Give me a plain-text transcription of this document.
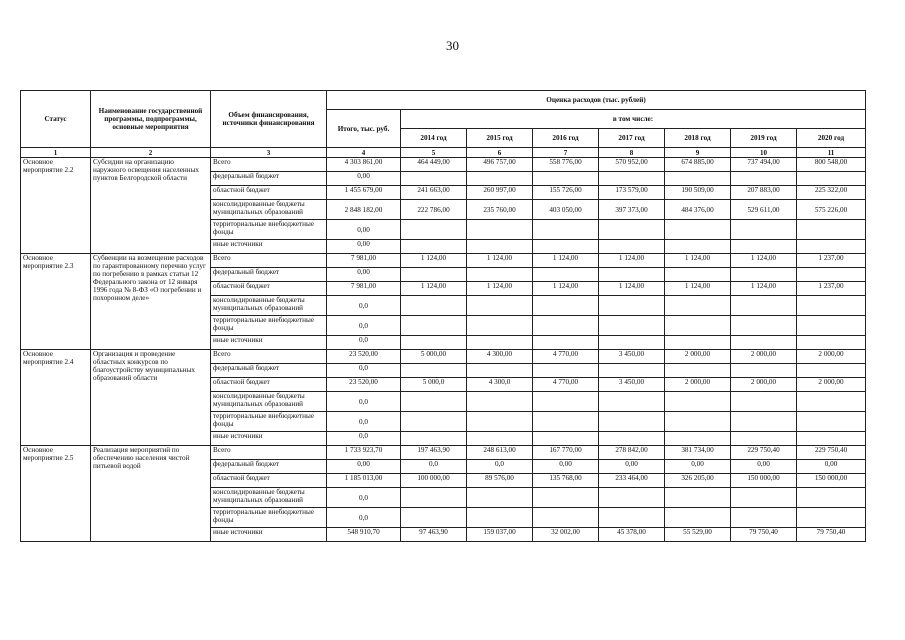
30
Статус	Наименование государственной программы, подпрограммы, основные мероприятия	Объем финансирования, источники финансирования	Оценка расходов (тыс. рублей)							
			Итого, тыс. руб.	в том числе:						
				2014 год	2015 год	2016 год	2017 год	2018 год	2019 год	2020 год
1	2	3	4	5	6	7	8	9	10	11
Основное мероприятие 2.2	Субсидии на организацию наружного освещения населенных пунктов Белгородской области	Всего	4 303 861,00	464 449,00	496 757,00	558 776,00	570 952,00	674 885,00	737 494,00	800 548,00
		федеральный бюджет	0,00							
		областной бюджет	1 455 679,00	241 663,00	260 997,00	155 726,00	173 579,00	190 509,00	207 883,00	225 322,00
		консолидированные бюджеты муниципальных образований	2 848 182,00	222 786,00	235 760,00	403 050,00	397 373,00	484 376,00	529 611,00	575 226,00
		территориальные внебюджетные фонды	0,00							
		иные источники	0,00							
Основное мероприятие 2.3	Субвенции на возмещение расходов по гарантированному перечню услуг по погребению в рамках статьи 12 Федерального закона от 12 января 1996 года № 8-ФЗ «О погребении и похоронном деле»	Всего	7 981,00	1 124,00	1 124,00	1 124,00	1 124,00	1 124,00	1 124,00	1 237,00
		федеральный бюджет	0,00							
		областной бюджет	7 981,00	1 124,00	1 124,00	1 124,00	1 124,00	1 124,00	1 124,00	1 237,00
		консолидированные бюджеты муниципальных образований	0,0							
		территориальные внебюджетные фонды	0,0							
		иные источники	0,0							
Основное мероприятие 2.4	Организация и проведение областных конкурсов по благоустройству муниципальных образований области	Всего	23 520,00	5 000,00	4 300,00	4 770,00	3 450,00	2 000,00	2 000,00	2 000,00
		федеральный бюджет	0,0							
		областной бюджет	23 520,00	5 000,0	4 300,0	4 770,00	3 450,00	2 000,00	2 000,00	2 000,00
		консолидированные бюджеты муниципальных образований	0,0							
		территориальные внебюджетные фонды	0,0							
		иные источники	0,0							
Основное мероприятие 2.5	Реализация мероприятий по обеспечению населения чистой питьевой водой	Всего	1 733 923,70	197 463,90	248 613,00	167 770,00	278 842,00	381 734,00	229 750,40	229 750,40
		федеральный бюджет	0,00	0,0	0,0	0,00	0,00	0,00	0,00	0,00
		областной бюджет	1 185 013,00	100 000,00	89 576,00	135 768,00	233 464,00	326 205,00	150 000,00	150 000,00
		консолидированные бюджеты муниципальных образований	0,0							
		территориальные внебюджетные фонды	0,0							
		иные источники	548 910,70	97 463,90	159 037,00	32 002,00	45 378,00	55 529,00	79 750,40	79 750,40
